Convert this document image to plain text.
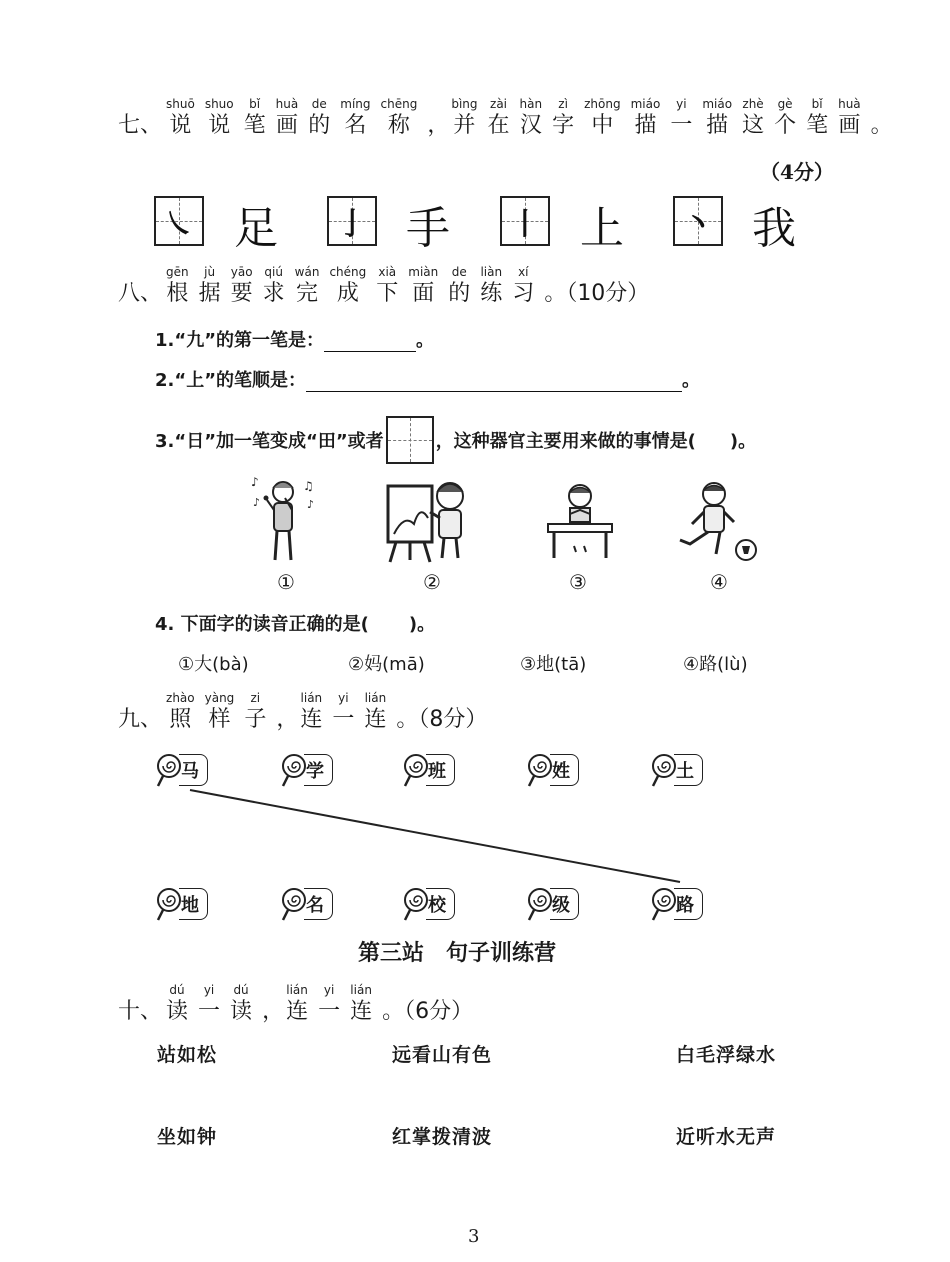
七、
shuō
说
shuo
说
bǐ
笔
huà
画
de
的
míng
名
chēng
称 ，
bìng
并
zài
在
hàn
汉
zì
字
zhōng
中
miáo
描
yi
一
miáo
描
zhè
这
gè
个
bǐ
笔
huà
画 。
（4分）
㇏ 足 亅 手 丨 上 丶 我
八、
gēn
根
jù
据
yāo
要
qiú
求
wán
完
chéng
成
xià
下
miàn
面
de
的
liàn
练
xí
习 。（10分）
1.“九”的第一笔是：	。
2.“上”的笔顺是：	。
3.“日”加一笔变成“田”或者	，这种器官主要用来做的事情是( )。
♪	♫
♪	♪
①	②	③	④
4. 下面字的读音正确的是( )。
①大(bà)	②妈(mā)	③地(tā)	④路(lù)
九、
zhào
照
yàng
样
zi
子 ，
lián
连
yi
一
lián
连 。（8分）
马	学	班	姓	土
地	名	校	级	路
第三站　句子训练营
十、
dú
读
yi
一
dú
读 ，
lián
连
yi
一
lián
连 。（6分）
站如松	远看山有色	白毛浮绿水
坐如钟	红掌拨清波	近听水无声
3
